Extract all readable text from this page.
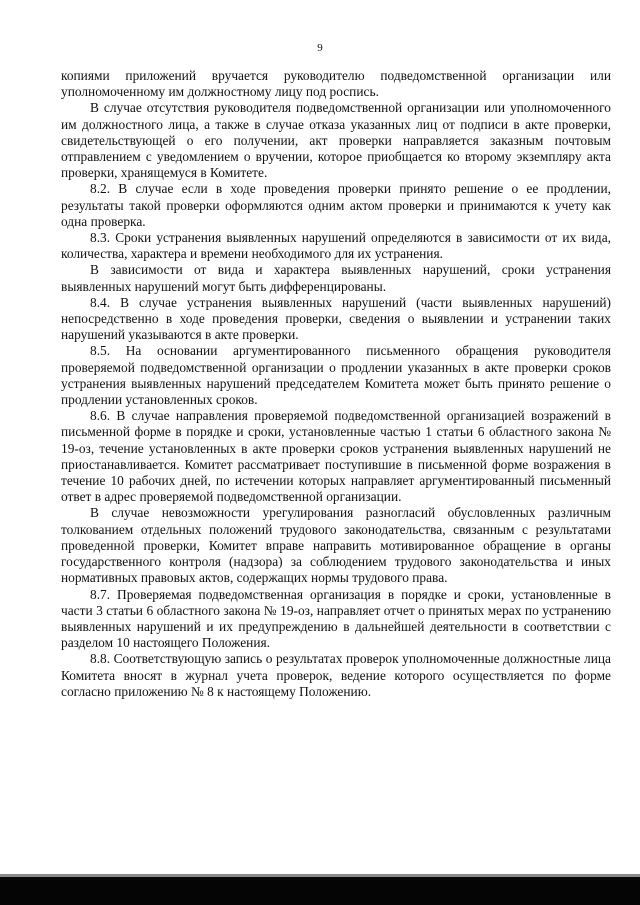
9

копиями приложений вручается руководителю подведомственной организации или уполномоченному им должностному лицу под роспись.

В случае отсутствия руководителя подведомственной организации или уполномоченного им должностного лица, а также в случае отказа указанных лиц от подписи в акте проверки, свидетельствующей о его получении, акт проверки направляется заказным почтовым отправлением с уведомлением о вручении, которое приобщается ко второму экземпляру акта проверки, хранящемуся в Комитете.

8.2. В случае если в ходе проведения проверки принято решение о ее продлении, результаты такой проверки оформляются одним актом проверки и принимаются к учету как одна проверка.

8.3. Сроки устранения выявленных нарушений определяются в зависимости от их вида, количества, характера и времени необходимого для их устранения.

В зависимости от вида и характера выявленных нарушений, сроки устранения выявленных нарушений могут быть дифференцированы.

8.4. В случае устранения выявленных нарушений (части выявленных нарушений) непосредственно в ходе проведения проверки, сведения о выявлении и устранении таких нарушений указываются в акте проверки.

8.5. На основании аргументированного письменного обращения руководителя проверяемой подведомственной организации о продлении указанных в акте проверки сроков устранения выявленных нарушений председателем Комитета может быть принято решение о продлении установленных сроков.

8.6. В случае направления проверяемой подведомственной организацией возражений в письменной форме в порядке и сроки, установленные частью 1 статьи 6 областного закона № 19-оз, течение установленных в акте проверки сроков устранения выявленных нарушений не приостанавливается. Комитет рассматривает поступившие в письменной форме возражения в течение 10 рабочих дней, по истечении которых направляет аргументированный письменный ответ в адрес проверяемой подведомственной организации.

В случае невозможности урегулирования разногласий обусловленных различным толкованием отдельных положений трудового законодательства, связанным с результатами проведенной проверки, Комитет вправе направить мотивированное обращение в органы государственного контроля (надзора) за соблюдением трудового законодательства и иных нормативных правовых актов, содержащих нормы трудового права.

8.7. Проверяемая подведомственная организация в порядке и сроки, установленные в части 3 статьи 6 областного закона № 19-оз, направляет отчет о принятых мерах по устранению выявленных нарушений и их предупреждению в дальнейшей деятельности в соответствии с разделом 10 настоящего Положения.

8.8. Соответствующую запись о результатах проверок уполномоченные должностные лица Комитета вносят в журнал учета проверок, ведение которого осуществляется по форме согласно приложению № 8 к настоящему Положению.
